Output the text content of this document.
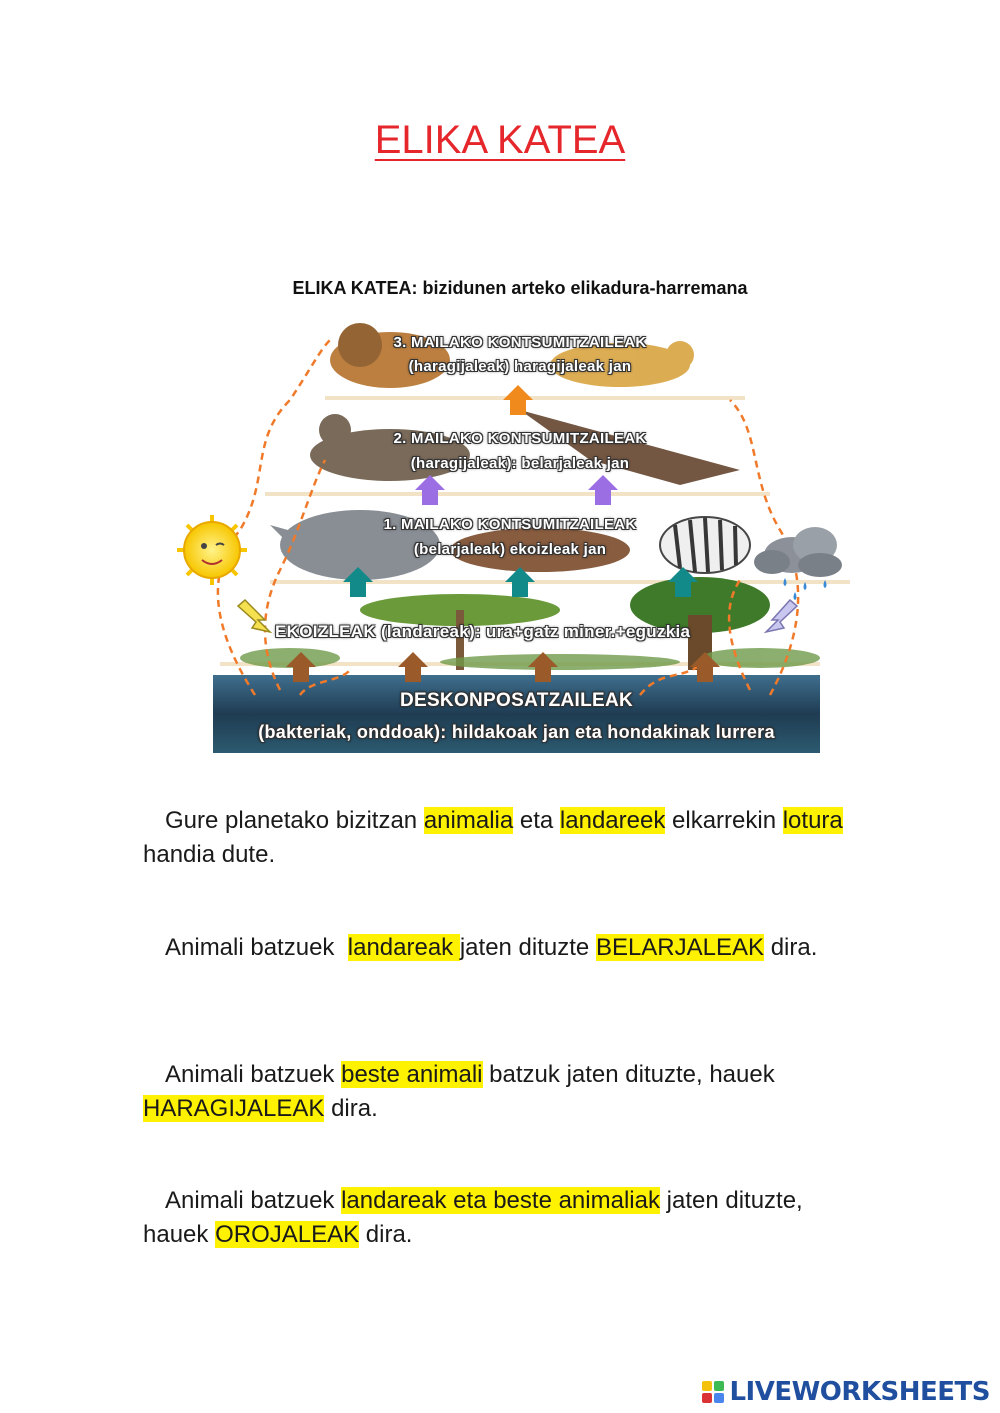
ELIKA KATEA
ELIKA KATEA: bizidunen arteko elikadura-harremana
3. MAILAKO KONTSUMITZAILEAK
(haragijaleak) haragijaleak jan
2. MAILAKO KONTSUMITZAILEAK
(haragijaleak): belarjaleak jan
1. MAILAKO KONTSUMITZAILEAK
(belarjaleak) ekoizleak jan
EKOIZLEAK (landareak): ura+gatz miner.+eguzkia
DESKONPOSATZAILEAK
(bakteriak, onddoak): hildakoak jan eta hondakinak lurrera
Gure planetako bizitzan animalia eta landareek elkarrekin lotura handia dute.
Animali batzuek  landareak jaten dituzte BELARJALEAK dira.
Animali batzuek beste animali batzuk jaten dituzte, hauek HARAGIJALEAK dira.
Animali batzuek landareak eta beste animaliak jaten dituzte, hauek OROJALEAK dira.
LIVEWORKSHEETS
